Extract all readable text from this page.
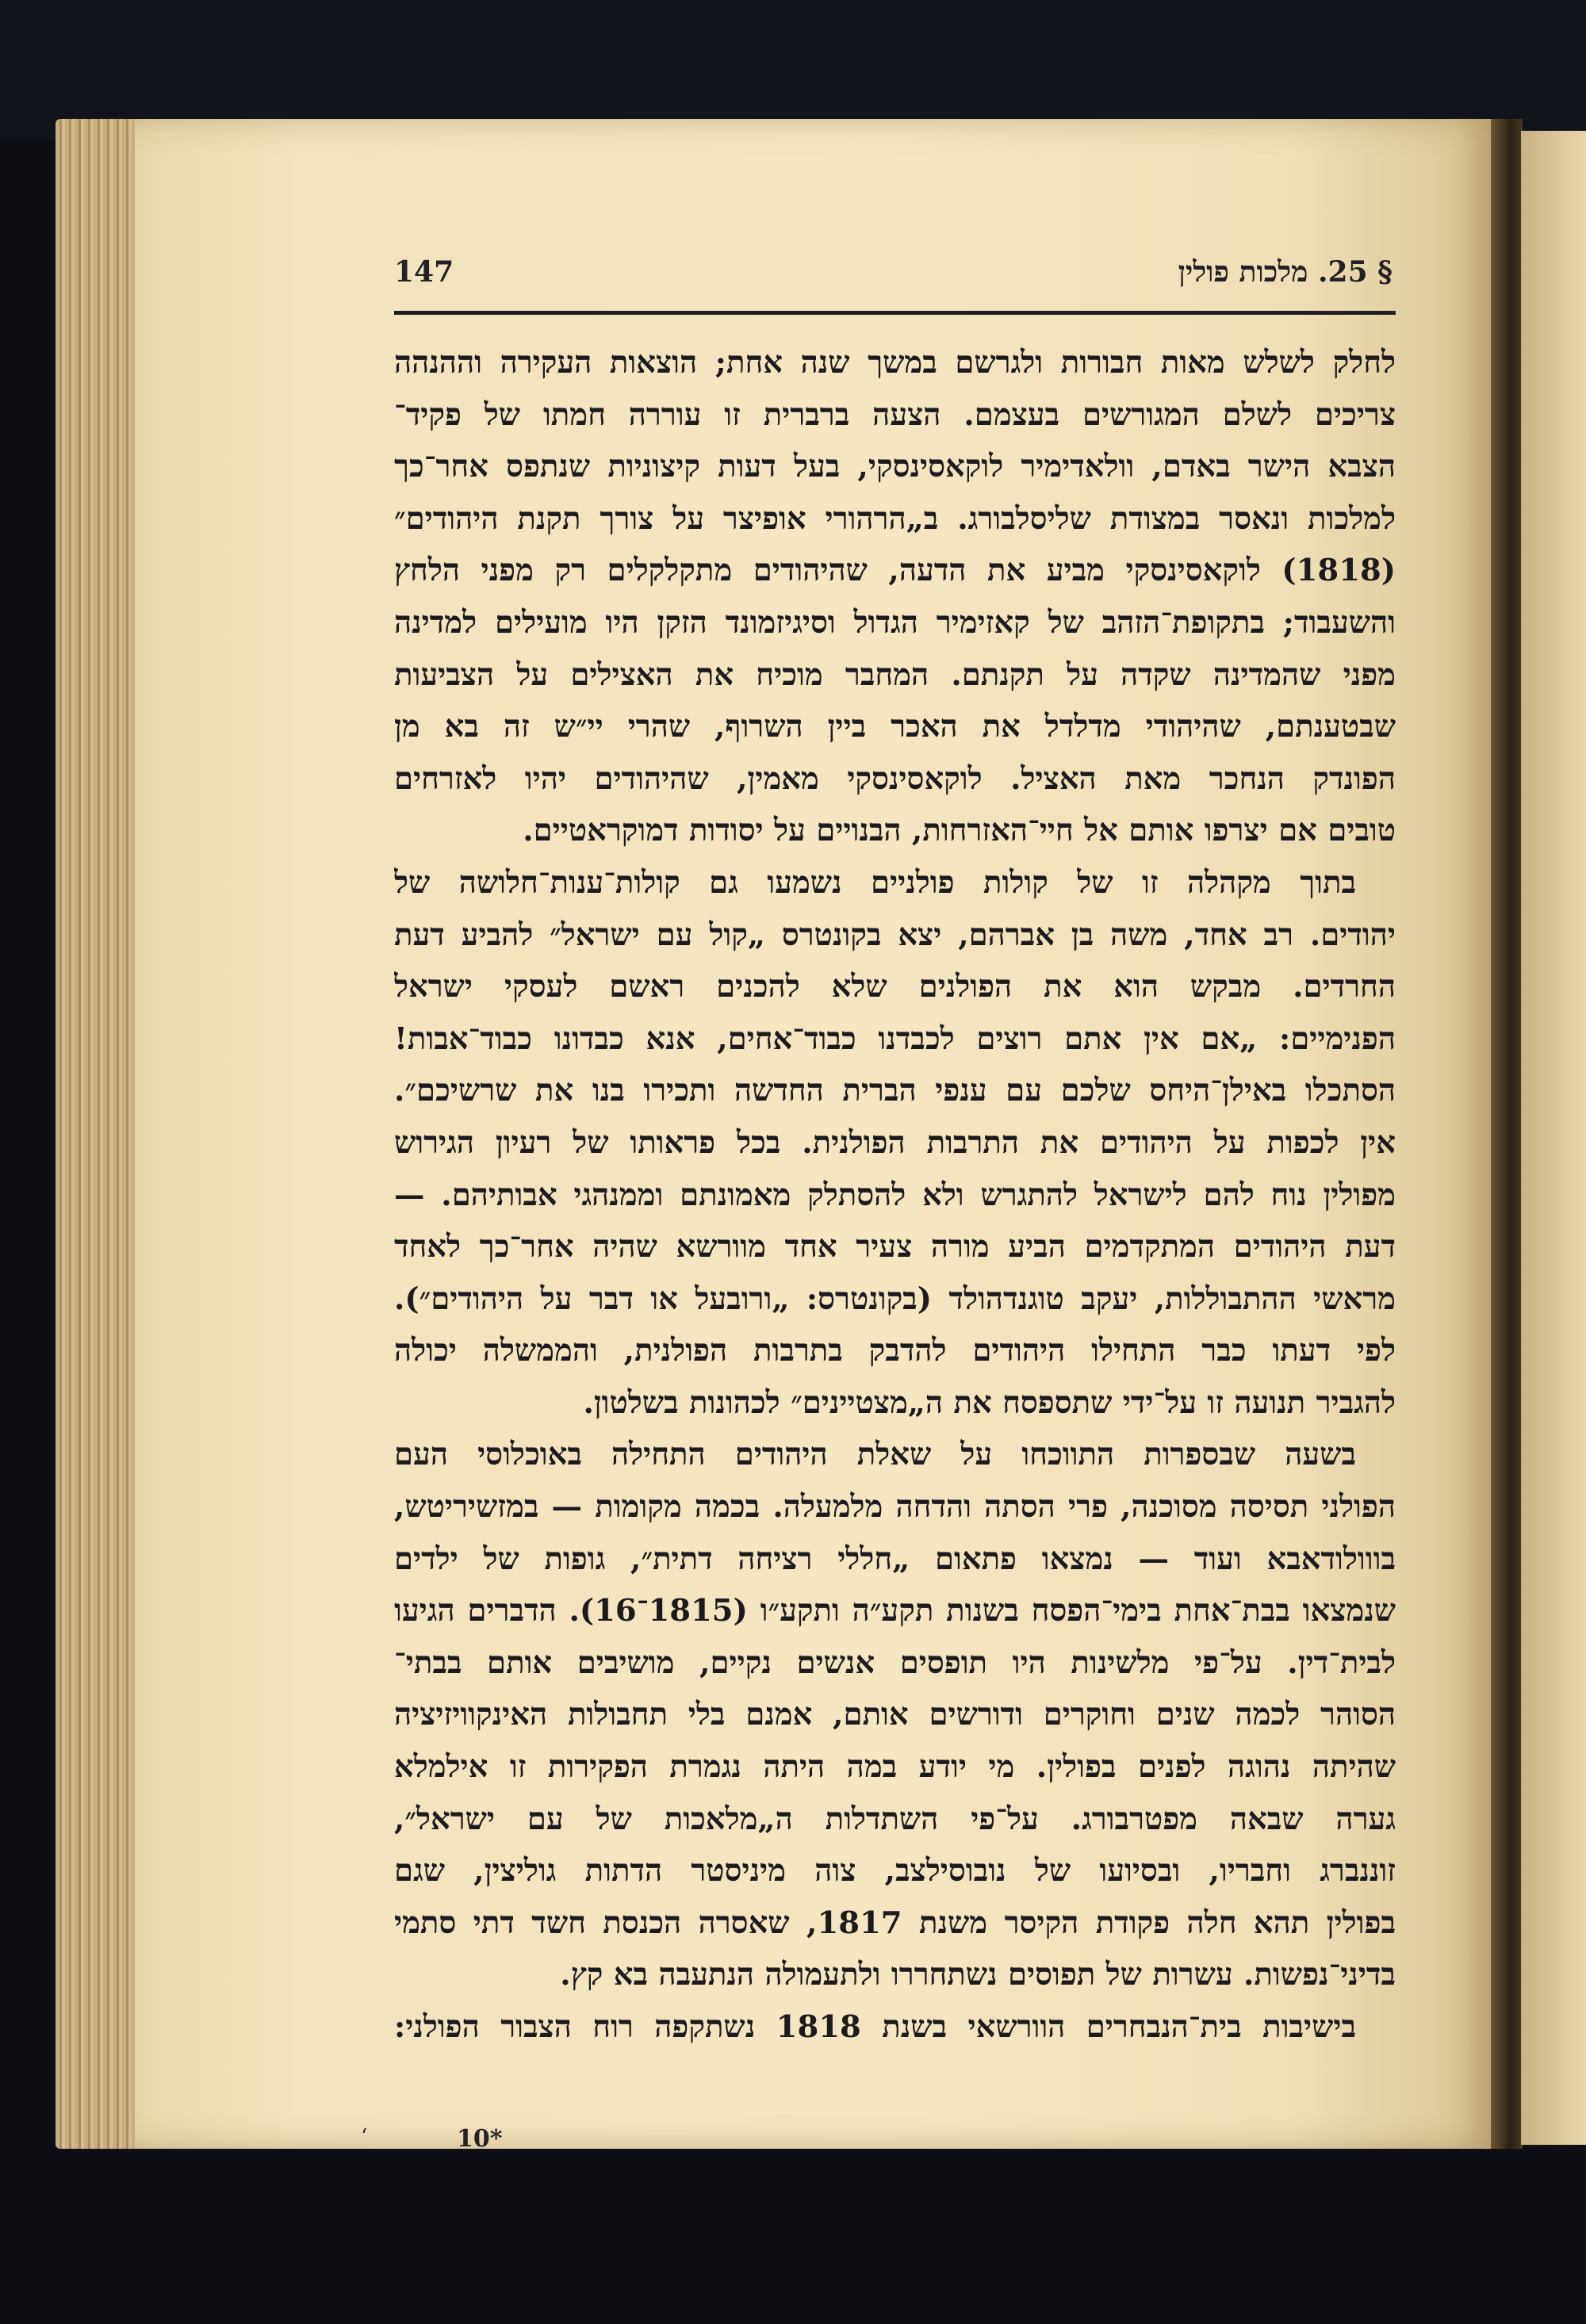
147	§ 25. מלכות פולין
לחלק לשלש מאות חבורות ולגרשם במשך שנה אחת; הוצאות העקירה וההנהה
צריכים לשלם המגורשים בעצמם. הצעה ברברית זו עוררה חמתו של פקיד־
הצבא הישר באדם, וולאדימיר לוקאסינסקי, בעל דעות קיצוניות שנתפס אחר־כך
למלכות ונאסר במצודת שליסלבורג. ב„הרהורי אופיצר על צורך תקנת היהודים״
(1818) לוקאסינסקי מביע את הדעה, שהיהודים מתקלקלים רק מפני הלחץ
והשעבוד; בתקופת־הזהב של קאזימיר הגדול וסיגיזמונד הזקן היו מועילים למדינה
מפני שהמדינה שקדה על תקנתם. המחבר מוכיח את האצילים על הצביעות
שבטענתם, שהיהודי מדלדל את האכר ביין השרוף, שהרי יי״ש זה בא מן
הפונדק הנחכר מאת האציל. לוקאסינסקי מאמין, שהיהודים יהיו לאזרחים
טובים אם יצרפו אותם אל חיי־האזרחות, הבנויים על יסודות דמוקראטיים.
בתוך מקהלה זו של קולות פולניים נשמעו גם קולות־ענות־חלושה של
יהודים. רב אחד, משה בן אברהם, יצא בקונטרס „קול עם ישראל״ להביע דעת
החרדים. מבקש הוא את הפולנים שלא להכנים ראשם לעסקי ישראל
הפנימיים: „אם אין אתם רוצים לכבדנו כבוד־אחים, אנא כבדונו כבוד־אבות!
הסתכלו באילן־היחס שלכם עם ענפי הברית החדשה ותכירו בנו את שרשיכם״.
אין לכפות על היהודים את התרבות הפולנית. בכל פראותו של רעיון הגירוש
מפולין נוח להם לישראל להתגרש ולא להסתלק מאמונתם וממנהגי אבותיהם. —
דעת היהודים המתקדמים הביע מורה צעיר אחד מוורשא שהיה אחר־כך לאחד
מראשי ההתבוללות, יעקב טוגנדהולד (בקונטרס: „ורובעל או דבר על היהודים״).
לפי דעתו כבר התחילו היהודים להדבק בתרבות הפולנית, והממשלה יכולה
להגביר תנועה זו על־ידי שתספסח את ה„מצטיינים״ לכהונות בשלטון.
בשעה שבספרות התווכחו על שאלת היהודים התחילה באוכלוסי העם
הפולני תסיסה מסוכנה, פרי הסתה והדחה מלמעלה. בכמה מקומות — במזשיריטש,
בווולודאבא ועוד — נמצאו פתאום „חללי רציחה דתית״, גופות של ילדים
שנמצאו בבת־אחת בימי־הפסח בשנות תקע״ה ותקע״ו (1815־16). הדברים הגיעו
לבית־דין. על־פי מלשינות היו תופסים אנשים נקיים, מושיבים אותם בבתי־
הסוהר לכמה שנים וחוקרים ודורשים אותם, אמנם בלי תחבולות האינקוויזיציה
שהיתה נהוגה לפנים בפולין. מי יודע במה היתה נגמרת הפקירות זו אילמלא
גערה שבאה מפטרבורג. על־פי השתדלות ה„מלאכות של עם ישראל״,
זוננברג וחבריו, ובסיועו של נובוסילצב, צוה מיניסטר הדתות גוליצין, שגם
בפולין תהא חלה פקודת הקיסר משנת 1817, שאסרה הכנסת חשד דתי סתמי
בדיני־נפשות. עשרות של תפוסים נשתחררו ולתעמולה הנתעבה בא קץ.
בישיבות בית־הנבחרים הוורשאי בשנת 1818 נשתקפה רוח הצבור הפולני:
‘	10*
